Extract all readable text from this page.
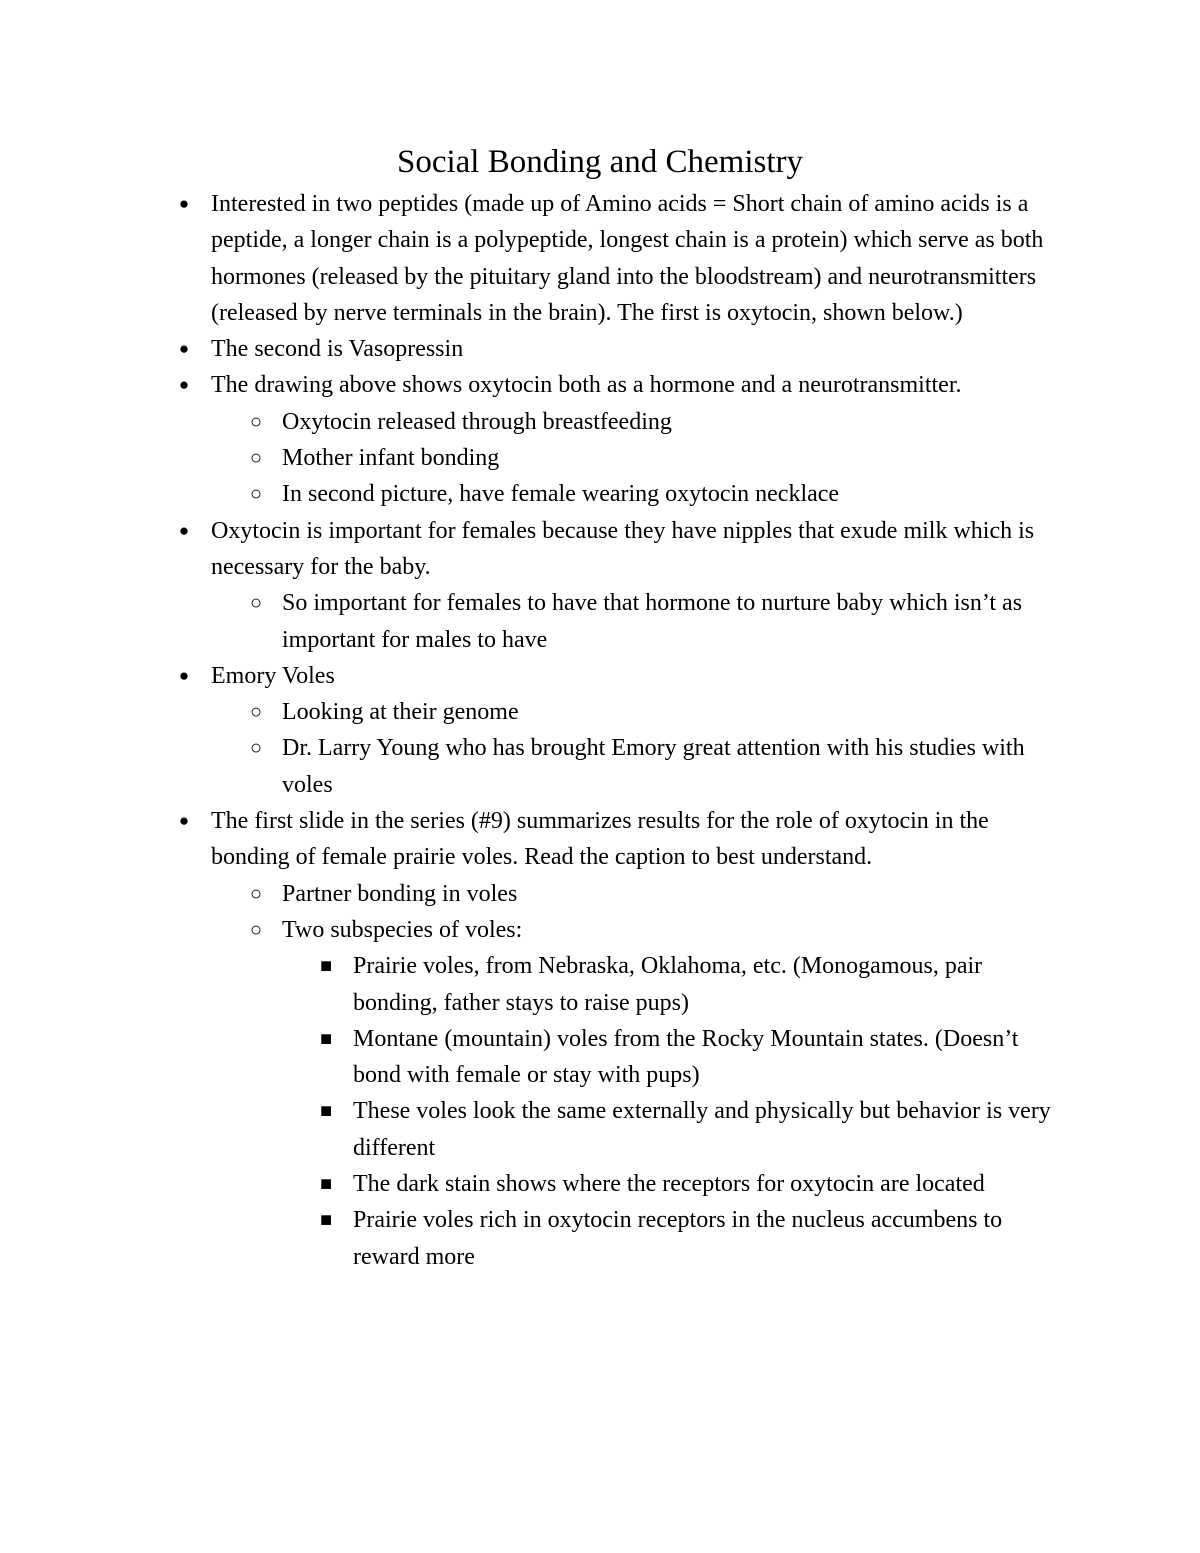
Social Bonding and Chemistry
● Interested in two peptides (made up of Amino acids = Short chain of amino acids is a peptide, a longer chain is a polypeptide, longest chain is a protein) which serve as both hormones (released by the pituitary gland into the bloodstream) and neurotransmitters (released by nerve terminals in the brain). The first is oxytocin, shown below.)
● The second is Vasopressin
● The drawing above shows oxytocin both as a hormone and a neurotransmitter.
○ Oxytocin released through breastfeeding
○ Mother infant bonding
○ In second picture, have female wearing oxytocin necklace
● Oxytocin is important for females because they have nipples that exude milk which is necessary for the baby.
○ So important for females to have that hormone to nurture baby which isn’t as important for males to have
● Emory Voles
○ Looking at their genome
○ Dr. Larry Young who has brought Emory great attention with his studies with voles
● The first slide in the series (#9) summarizes results for the role of oxytocin in the bonding of female prairie voles. Read the caption to best understand.
○ Partner bonding in voles
○ Two subspecies of voles:
■ Prairie voles, from Nebraska, Oklahoma, etc. (Monogamous, pair bonding, father stays to raise pups)
■ Montane (mountain) voles from the Rocky Mountain states. (Doesn’t bond with female or stay with pups)
■ These voles look the same externally and physically but behavior is very different
■ The dark stain shows where the receptors for oxytocin are located
■ Prairie voles rich in oxytocin receptors in the nucleus accumbens to reward more
